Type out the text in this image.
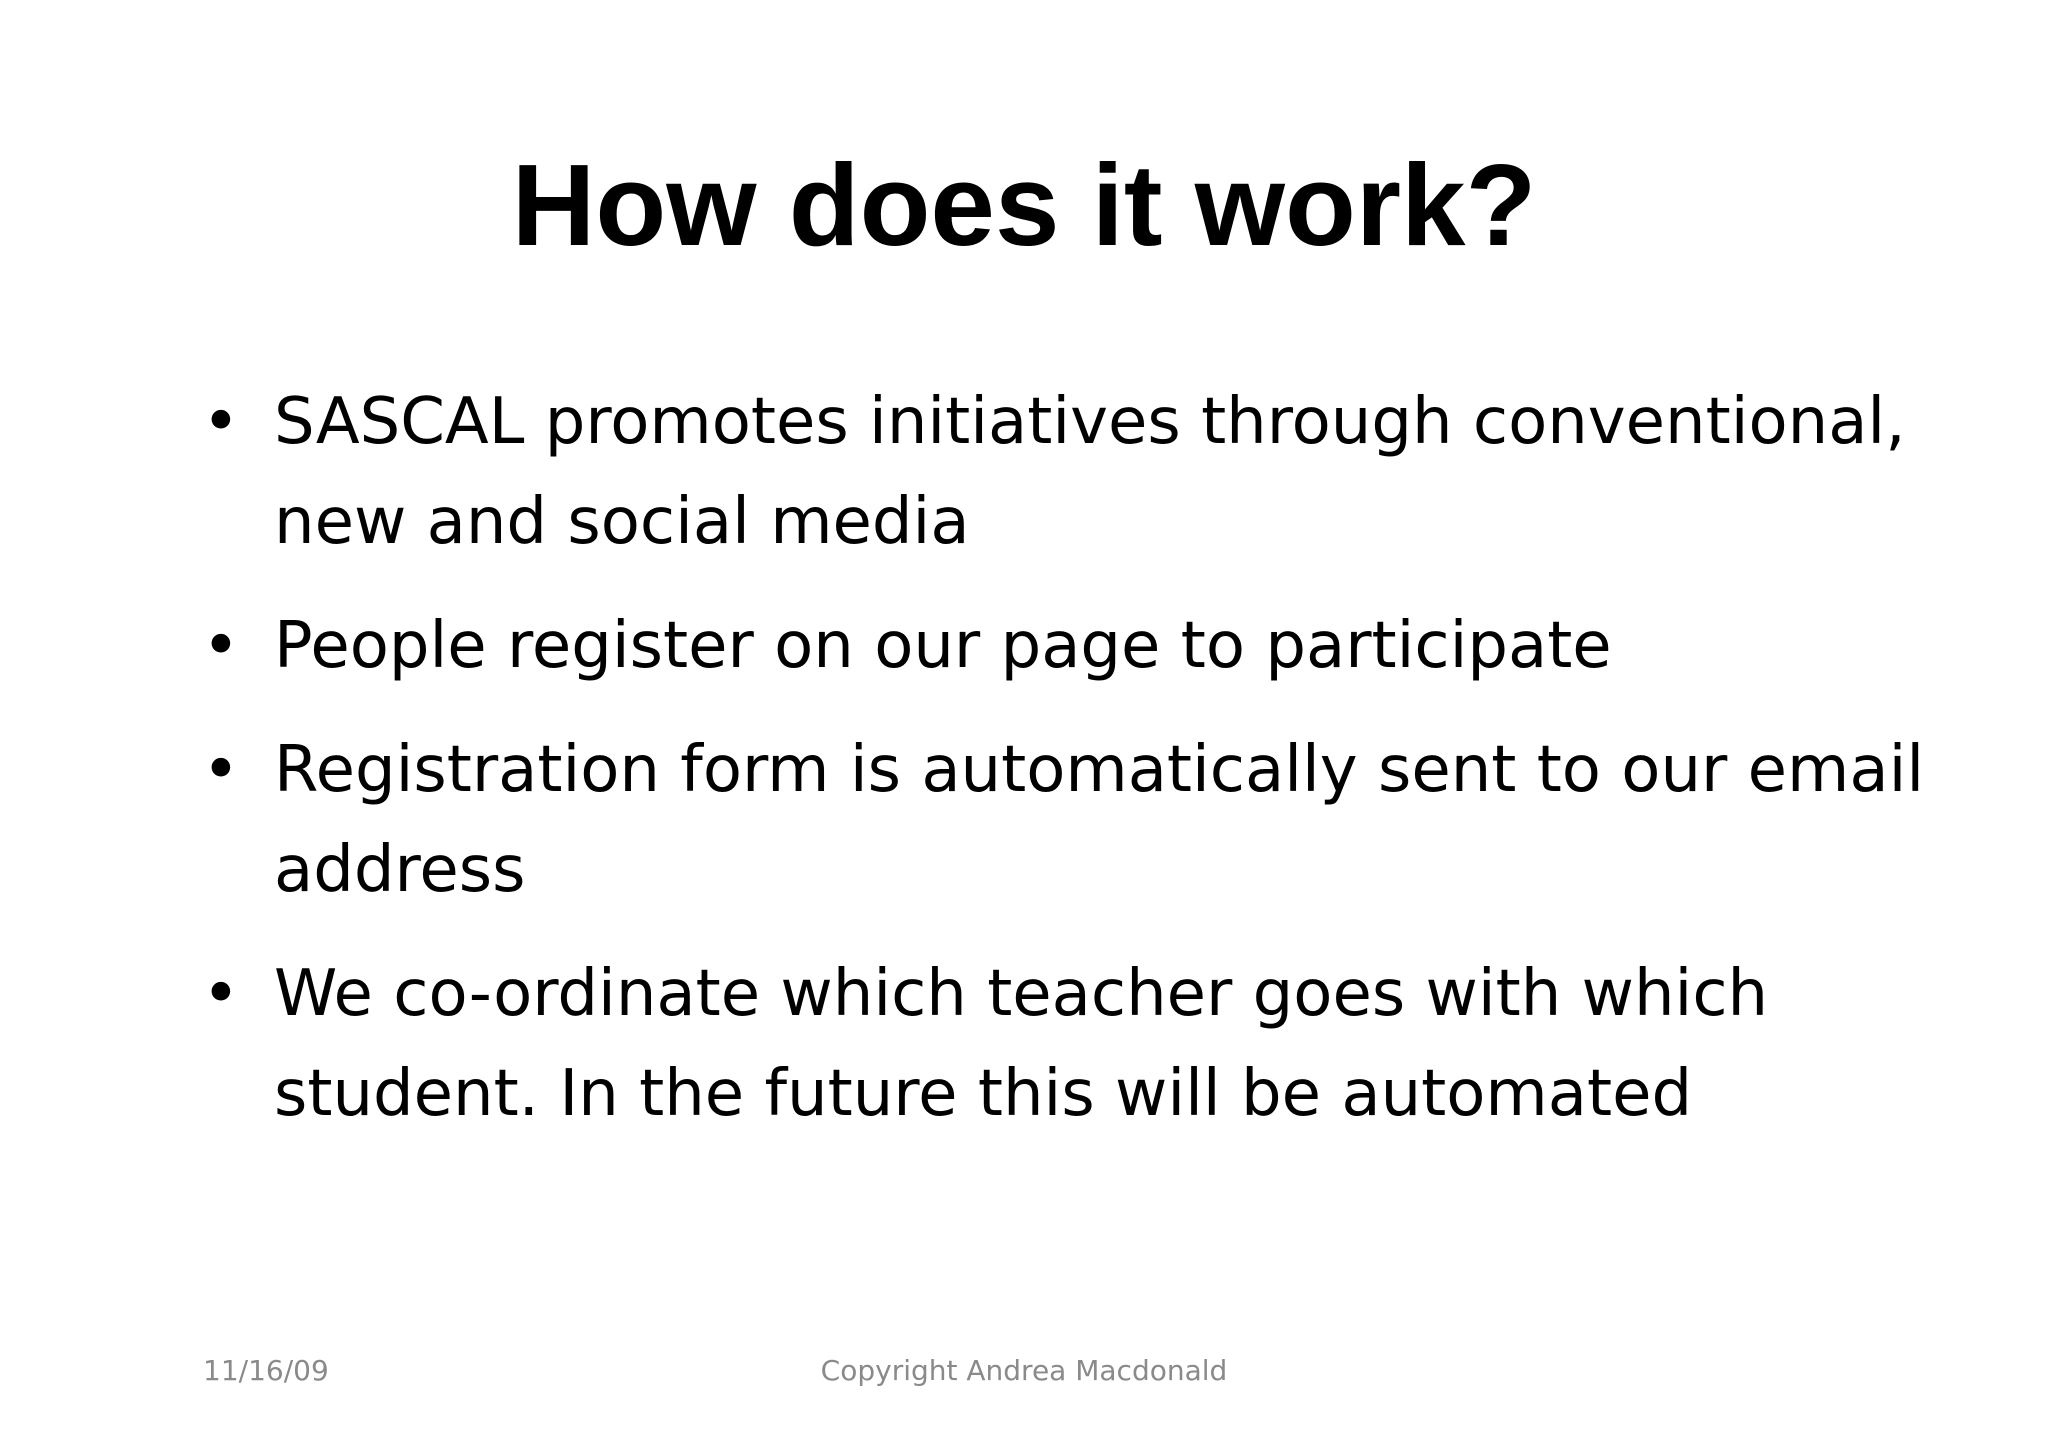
How does it work?
• SASCAL promotes initiatives through conventional, new and social media
• People register on our page to participate
• Registration form is automatically sent to our email address
• We co-ordinate which teacher goes with which student. In the future this will be automated
11/16/09	Copyright Andrea Macdonald
